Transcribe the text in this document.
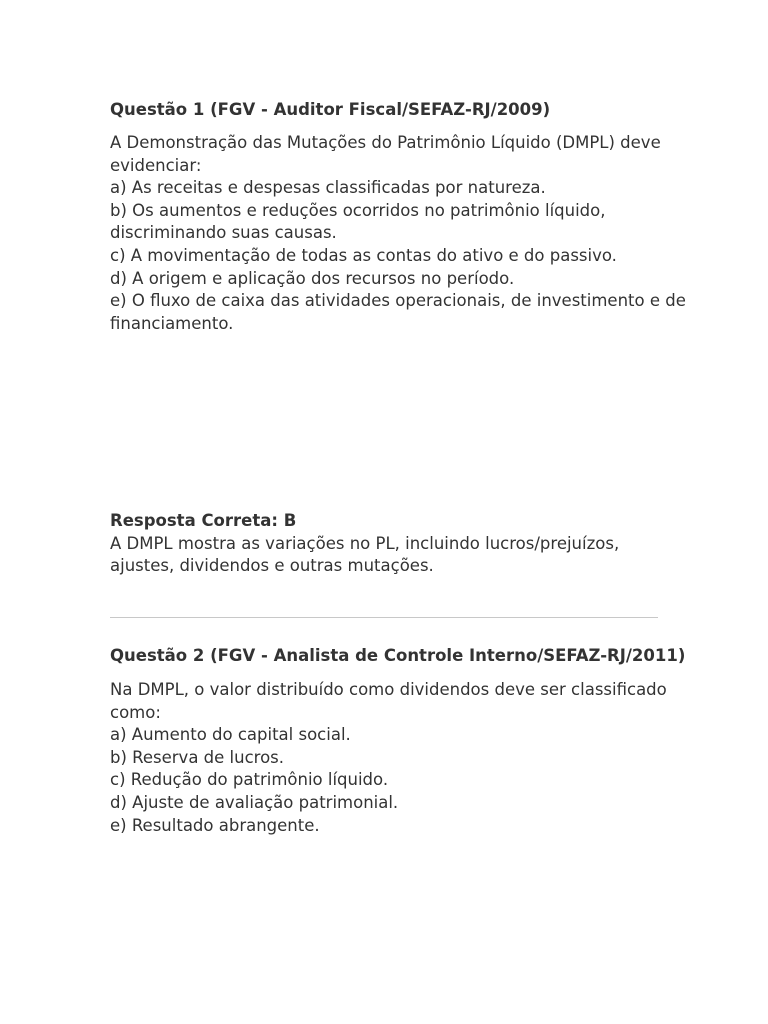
Questão 1 (FGV - Auditor Fiscal/SEFAZ-RJ/2009)
A Demonstração das Mutações do Patrimônio Líquido (DMPL) deve
evidenciar:
a) As receitas e despesas classificadas por natureza.
b) Os aumentos e reduções ocorridos no patrimônio líquido,
discriminando suas causas.
c) A movimentação de todas as contas do ativo e do passivo.
d) A origem e aplicação dos recursos no período.
e) O fluxo de caixa das atividades operacionais, de investimento e de
financiamento.
Resposta Correta: B
A DMPL mostra as variações no PL, incluindo lucros/prejuízos,
ajustes, dividendos e outras mutações.
Questão 2 (FGV - Analista de Controle Interno/SEFAZ-RJ/2011)
Na DMPL, o valor distribuído como dividendos deve ser classificado
como:
a) Aumento do capital social.
b) Reserva de lucros.
c) Redução do patrimônio líquido.
d) Ajuste de avaliação patrimonial.
e) Resultado abrangente.
